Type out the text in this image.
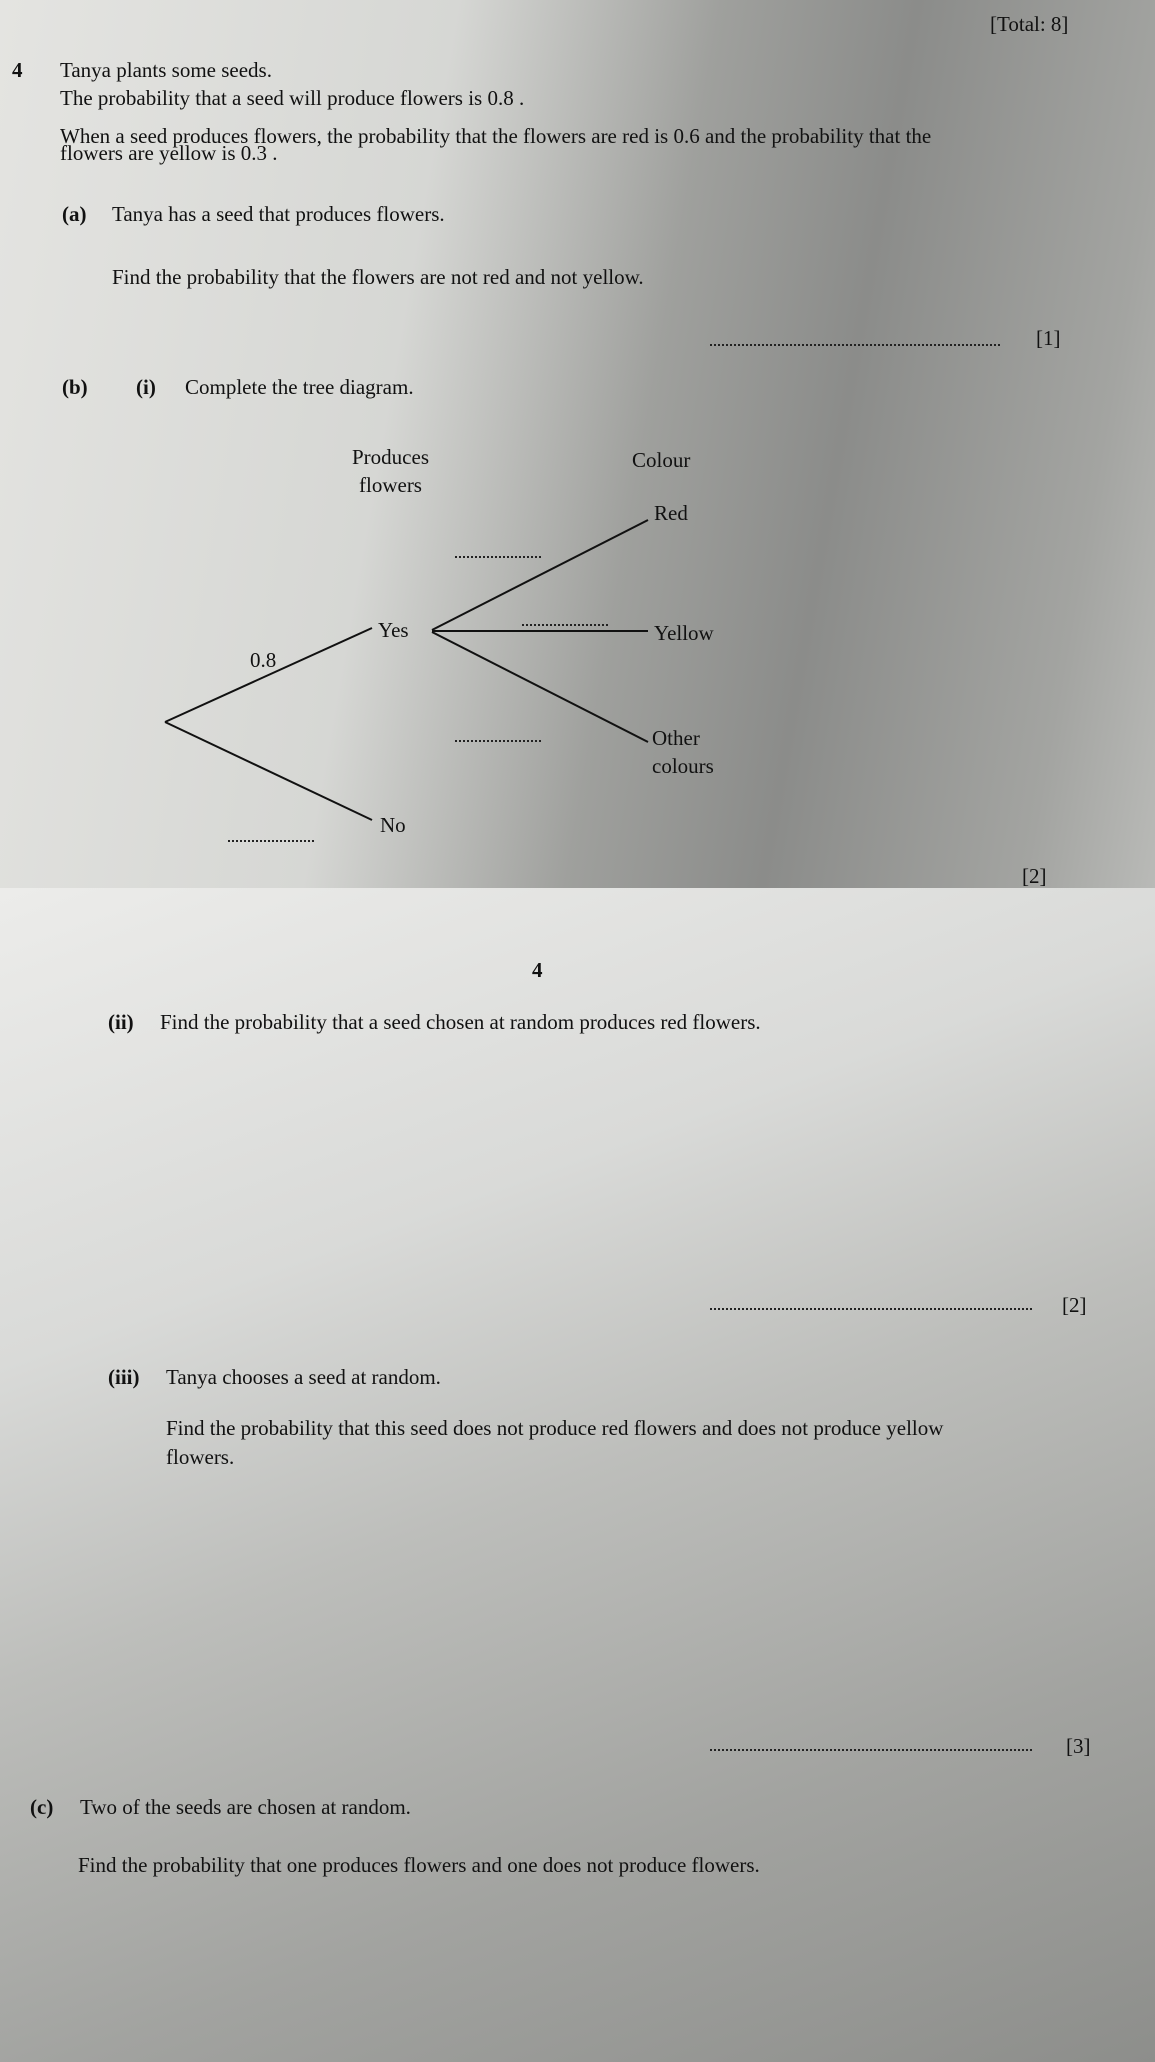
[Total: 8]
4 Tanya plants some seeds.
The probability that a seed will produce flowers is 0.8 .
When a seed produces flowers, the probability that the flowers are red is 0.6 and the probability that the
flowers are yellow is 0.3 .
(a) Tanya has a seed that produces flowers.
Find the probability that the flowers are not red and not yellow.
[1]
(b) (i) Complete the tree diagram.
Produces
flowers
Colour
0.8
Yes
No
Red
Yellow
Other
colours
[2]
4
(ii) Find the probability that a seed chosen at random produces red flowers.
[2]
(iii) Tanya chooses a seed at random.
Find the probability that this seed does not produce red flowers and does not produce yellow
flowers.
[3]
(c) Two of the seeds are chosen at random.
Find the probability that one produces flowers and one does not produce flowers.
